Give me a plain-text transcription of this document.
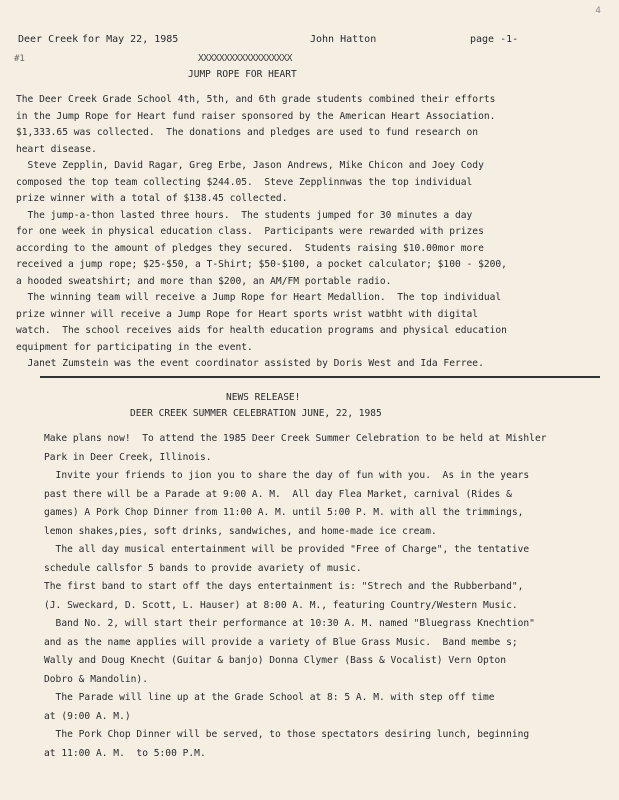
4
Deer Creek for May 22, 1985	John Hatton	page -1-
#1	XXXXXXXXXXXXXXXXXX
JUMP ROPE FOR HEART
The Deer Creek Grade School 4th, 5th, and 6th grade students combined their efforts
in the Jump Rope for Heart fund raiser sponsored by the American Heart Association.
$1,333.65 was collected.  The donations and pledges are used to fund research on
heart disease.
Steve Zepplin, David Ragar, Greg Erbe, Jason Andrews, Mike Chicon and Joey Cody
composed the top team collecting $244.05.  Steve Zepplinnwas the top individual
prize winner with a total of $138.45 collected.
The jump-a-thon lasted three hours.  The students jumped for 30 minutes a day
for one week in physical education class.  Participants were rewarded with prizes
according to the amount of pledges they secured.  Students raising $10.00mor more
received a jump rope; $25-$50, a T-Shirt; $50-$100, a pocket calculator; $100 - $200,
a hooded sweatshirt; and more than $200, an AM/FM portable radio.
The winning team will receive a Jump Rope for Heart Medallion.  The top individual
prize winner will receive a Jump Rope for Heart sports wrist watbht with digital
watch.  The school receives aids for health education programs and physical education
equipment for participating in the event.
Janet Zumstein was the event coordinator assisted by Doris West and Ida Ferree.
NEWS RELEASE!
DEER CREEK SUMMER CELEBRATION JUNE, 22, 1985
Make plans now!  To attend the 1985 Deer Creek Summer Celebration to be held at Mishler
Park in Deer Creek, Illinois.
Invite your friends to jion you to share the day of fun with you.  As in the years
past there will be a Parade at 9:00 A. M.  All day Flea Market, carnival (Rides &
games) A Pork Chop Dinner from 11:00 A. M. until 5:00 P. M. with all the trimmings,
lemon shakes,pies, soft drinks, sandwiches, and home-made ice cream.
The all day musical entertainment will be provided "Free of Charge", the tentative
schedule callsfor 5 bands to provide avariety of music.
The first band to start off the days entertainment is: "Strech and the Rubberband",
(J. Sweckard, D. Scott, L. Hauser) at 8:00 A. M., featuring Country/Western Music.
Band No. 2, will start their performance at 10:30 A. M. named "Bluegrass Knechtion"
and as the name applies will provide a variety of Blue Grass Music.  Band membe s;
Wally and Doug Knecht (Guitar & banjo) Donna Clymer (Bass & Vocalist) Vern Opton
Dobro & Mandolin).
The Parade will line up at the Grade School at 8: 5 A. M. with step off time
at (9:00 A. M.)
The Pork Chop Dinner will be served, to those spectators desiring lunch, beginning
at 11:00 A. M.  to 5:00 P.M.
